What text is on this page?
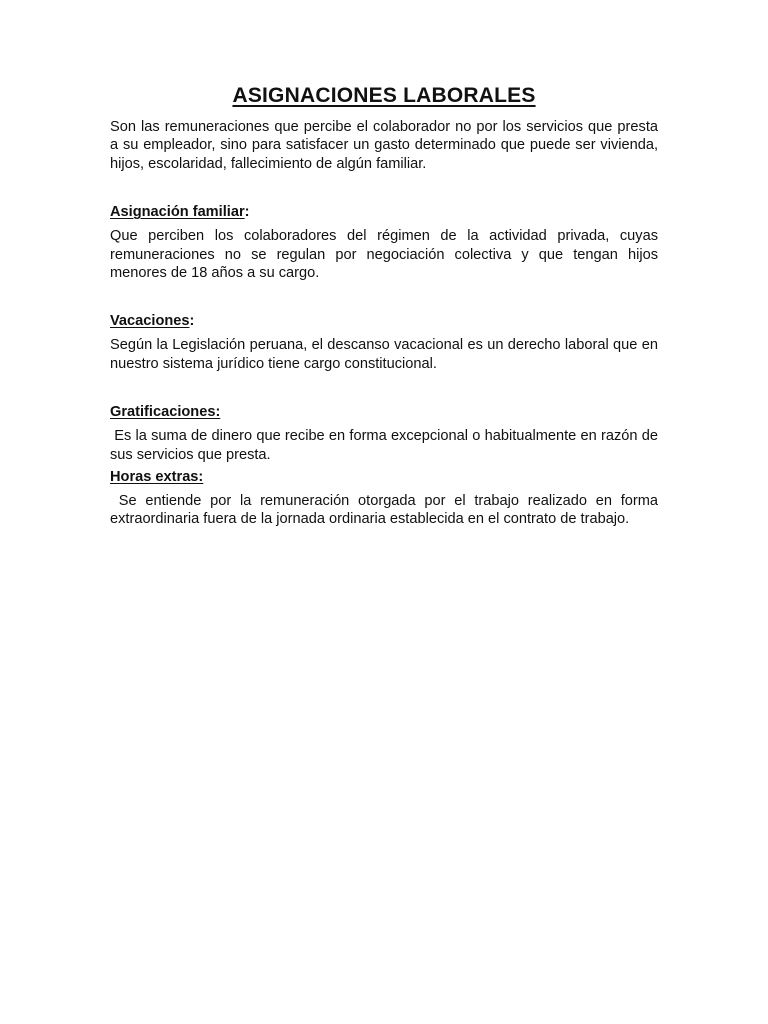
ASIGNACIONES LABORALES

Son las remuneraciones que percibe el colaborador no por los servicios que presta a su empleador, sino para satisfacer un gasto determinado que puede ser vivienda, hijos, escolaridad, fallecimiento de algún familiar.

Asignación familiar:

Que perciben los colaboradores del régimen de la actividad privada, cuyas remuneraciones no se regulan por negociación colectiva y que tengan hijos menores de 18 años a su cargo.

Vacaciones:

Según la Legislación peruana, el descanso vacacional es un derecho laboral que en nuestro sistema jurídico tiene cargo constitucional.

Gratificaciones:

Es la suma de dinero que recibe en forma excepcional o habitualmente en razón de sus servicios que presta.

Horas extras:

Se entiende por la remuneración otorgada por el trabajo realizado en forma extraordinaria fuera de la jornada ordinaria establecida en el contrato de trabajo.
